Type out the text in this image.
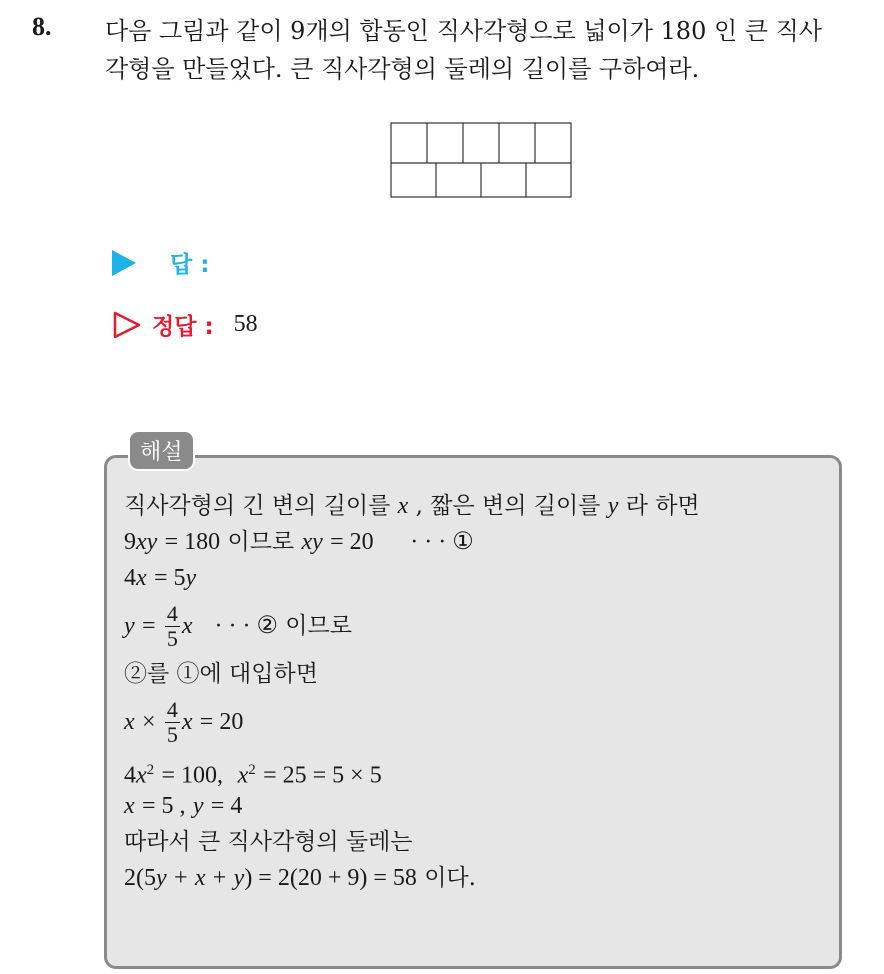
8. 다음 그림과 같이 9개의 합동인 직사각형으로 넓이가 180 인 큰 직사
각형을 만들었다. 큰 직사각형의 둘레의 길이를 구하여라.
답 :
정답 : 58
해설
직사각형의 긴 변의 길이를 x , 짧은 변의 길이를 y 라 하면
9xy = 180 이므로 xy = 20 · · · ①
4x = 5y
y
=
$\frac{4}{5}$ x · · · ②
이므로
②를 ①에 대입하면
x
×
$\frac{4}{5}$ x
= 20
$4x^2 = 100$, $x^2 = 25 = 5 \times 5$
x = 5 , y = 4
따라서 큰 직사각형의 둘레는
2(5y + x + y) = 2(20 + 9) = 58 이다.
